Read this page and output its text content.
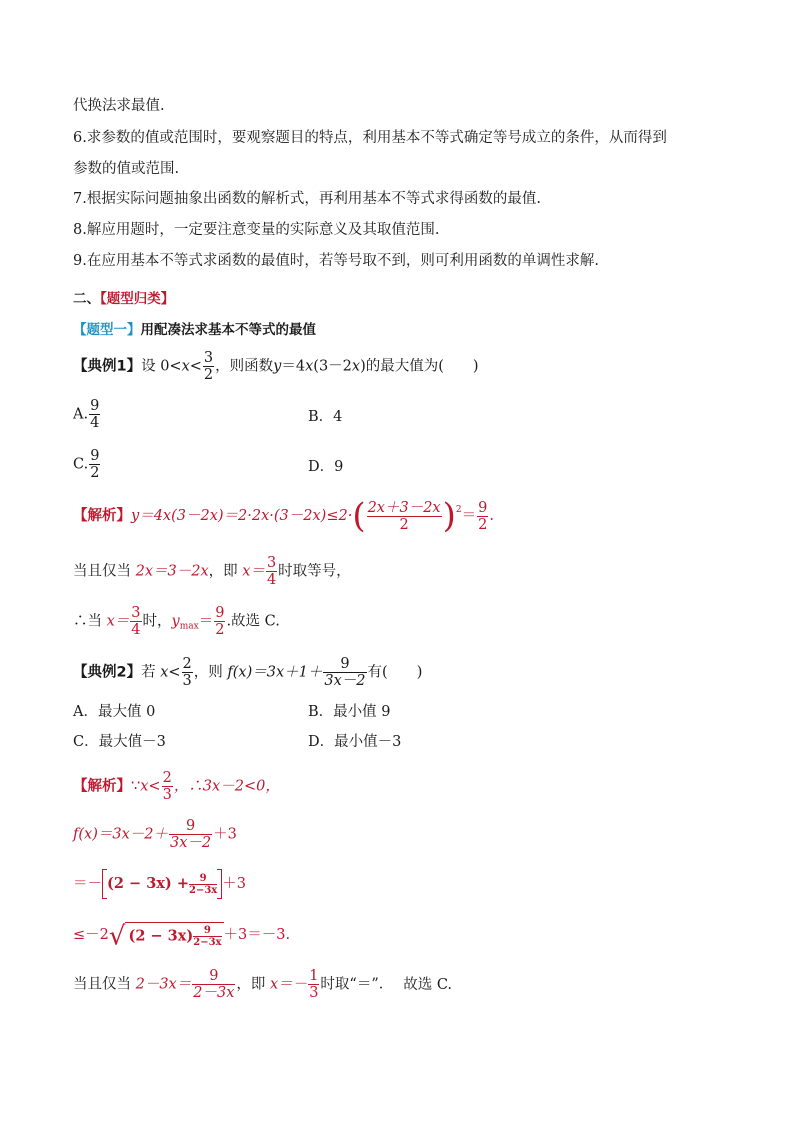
代换法求最值.
6.求参数的值或范围时，要观察题目的特点，利用基本不等式确定等号成立的条件，从而得到
参数的值或范围.
7.根据实际问题抽象出函数的解析式，再利用基本不等式求得函数的最值.
8.解应用题时，一定要注意变量的实际意义及其取值范围.
9.在应用基本不等式求函数的最值时，若等号取不到，则可利用函数的单调性求解.
二、【题型归类】
【题型一】用配凑法求基本不等式的最值
【典例1】设 $0<x< \frac{3}{2}$ ，则函数y＝4x(3－2x)的最大值为(　　)
A. $\frac{9}{4}$	B．4
C. $\frac{9}{2}$	D．9
【解析】$y=4x(3-2x)=2\cdot 2x\cdot(3-2x)\le 2\cdot( \frac{2x+3-2x}{2} )^2= \frac{9}{2}$ .
当且仅当 2x＝3－2x，即 $x= \frac{3}{4}$ 时取等号，
∴当 $x= \frac{3}{4}$ 时，$y_{max}= \frac{9}{2}$ .故选 C.
【典例2】若 $x< \frac{2}{3}$ ，则 $f(x)=3x+1+ \frac{9}{3x-2}$ 有(　　)
A．最大值 0	B．最小值 9
C．最大值－3	D．最小值－3
【解析】∵x< $\frac{2}{3}$ ，∴3x－2<0，
$f(x)=3x-2+ \frac{9}{3x-2} +3$
＝－ $(2 - 3x) + \frac{9}{2-3x} +3$
≤－2√ $(2 - 3x) \frac{9}{2-3x} +3=-3$.
当且仅当 $2-3x= \frac{9}{2-3x}$ ，即 $x=- \frac{1}{3}$ 时取“＝”． 故选 C.
